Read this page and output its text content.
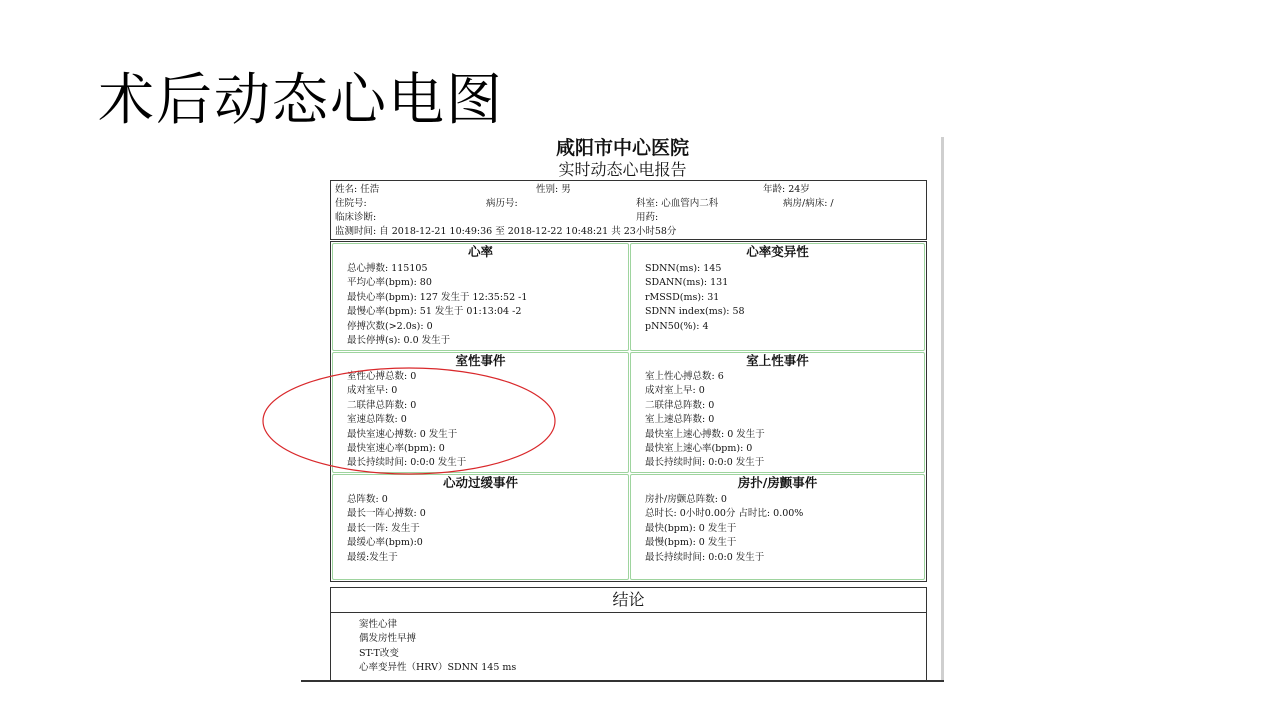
术后动态心电图
咸阳市中心医院
实时动态心电报告
姓名: 任浩	性别: 男	年龄: 24岁
住院号:	病历号:	科室: 心血管内二科	病房/病床: /
临床诊断:	用药:
监测时间: 自 2018-12-21 10:49:36 至 2018-12-22 10:48:21 共 23小时58分
心率
总心搏数: 115105
平均心率(bpm): 80
最快心率(bpm): 127 发生于 12:35:52 -1
最慢心率(bpm): 51 发生于 01:13:04 -2
停搏次数(>2.0s): 0
最长停搏(s): 0.0 发生于
心率变异性
SDNN(ms): 145
SDANN(ms): 131
rMSSD(ms): 31
SDNN index(ms): 58
pNN50(%): 4
室性事件
室性心搏总数: 0
成对室早: 0
二联律总阵数: 0
室速总阵数: 0
最快室速心搏数: 0 发生于
最快室速心率(bpm): 0
最长持续时间: 0:0:0 发生于
室上性事件
室上性心搏总数: 6
成对室上早: 0
二联律总阵数: 0
室上速总阵数: 0
最快室上速心搏数: 0 发生于
最快室上速心率(bpm): 0
最长持续时间: 0:0:0 发生于
心动过缓事件
总阵数: 0
最长一阵心搏数: 0
最长一阵: 发生于
最缓心率(bpm):0
最缓:发生于
房扑/房颤事件
房扑/房颤总阵数: 0
总时长: 0小时0.00分 占时比: 0.00%
最快(bpm): 0 发生于
最慢(bpm): 0 发生于
最长持续时间: 0:0:0 发生于
结论
窦性心律
偶发房性早搏
ST-T改变
心率变异性（HRV）SDNN 145 ms
